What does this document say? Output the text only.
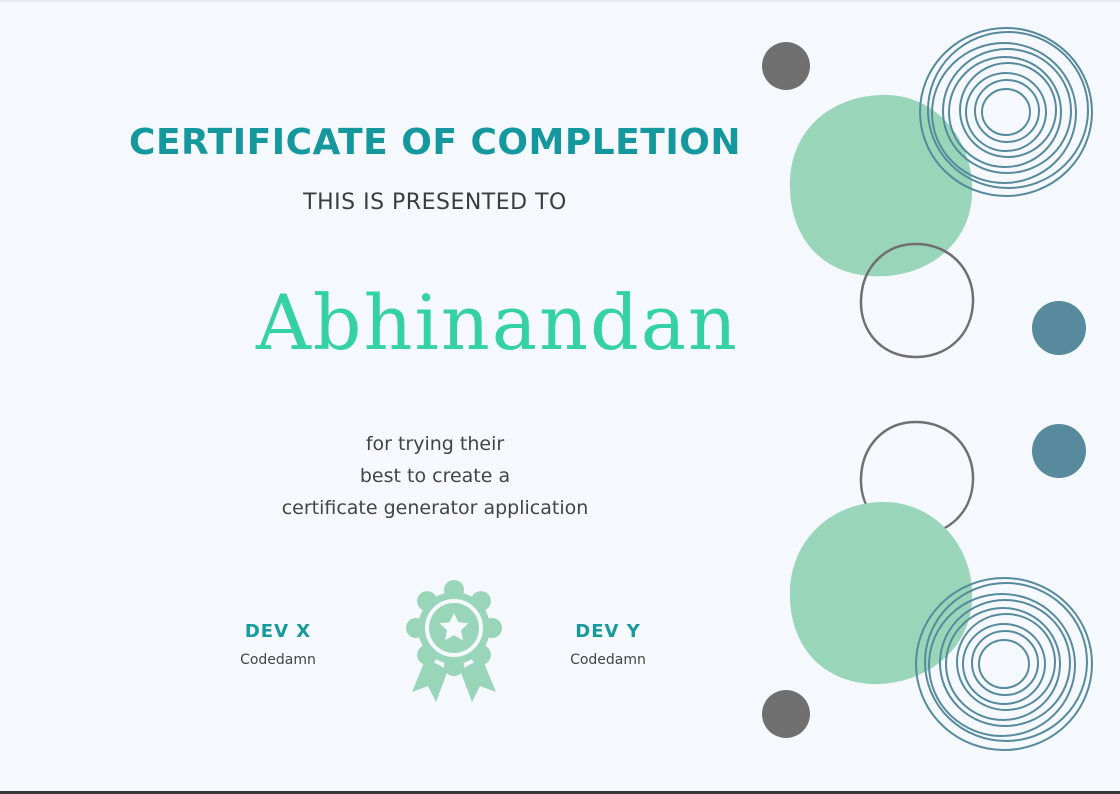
CERTIFICATE OF COMPLETION
THIS IS PRESENTED TO
Abhinandan
for trying their
best to create a
certificate generator application
DEV X
Codedamn
DEV Y
Codedamn
